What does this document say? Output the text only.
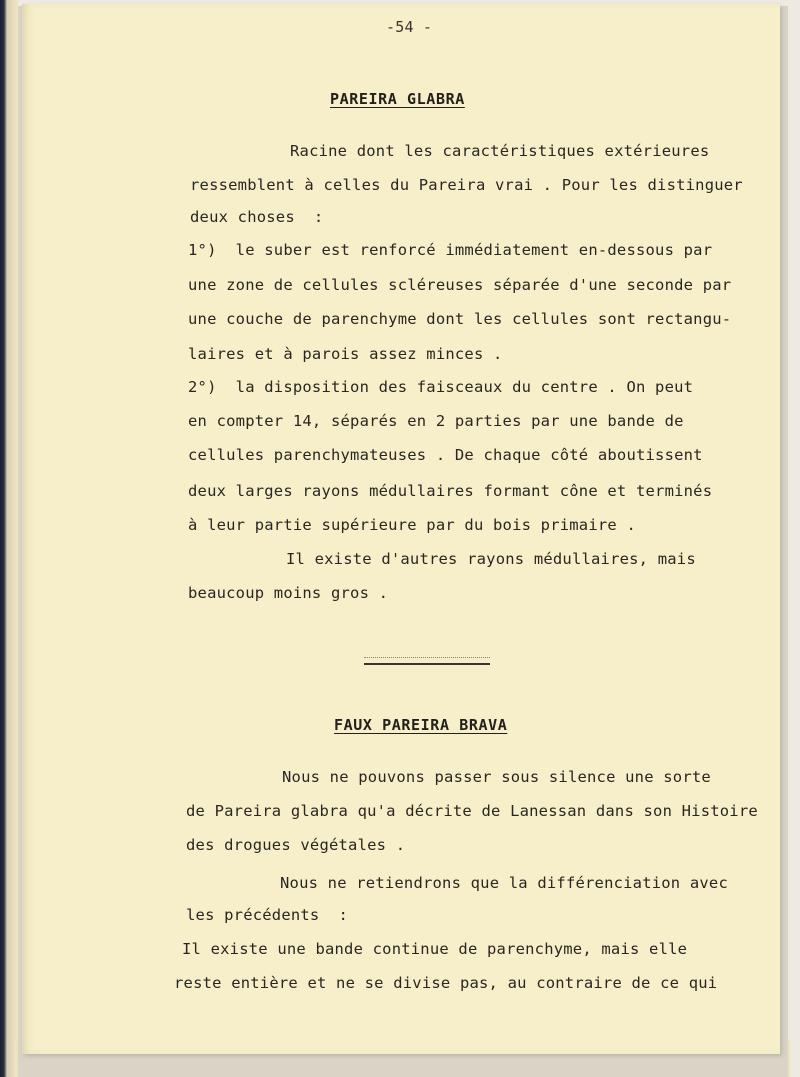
-54 -
PAREIRA GLABRA
Racine dont les caractéristiques extérieures
ressemblent à celles du Pareira vrai . Pour les distinguer
deux choses  :
1°)  le suber est renforcé immédiatement en-dessous par
une zone de cellules scléreuses séparée d'une seconde par
une couche de parenchyme dont les cellules sont rectangu-
laires et à parois assez minces .
2°)  la disposition des faisceaux du centre . On peut
en compter 14, séparés en 2 parties par une bande de
cellules parenchymateuses . De chaque côté aboutissent
deux larges rayons médullaires formant cône et terminés
à leur partie supérieure par du bois primaire .
Il existe d'autres rayons médullaires, mais
beaucoup moins gros .
FAUX PAREIRA BRAVA
Nous ne pouvons passer sous silence une sorte
de Pareira glabra qu'a décrite de Lanessan dans son Histoire
des drogues végétales .
Nous ne retiendrons que la différenciation avec
les précédents  :
Il existe une bande continue de parenchyme, mais elle
reste entière et ne se divise pas, au contraire de ce qui
